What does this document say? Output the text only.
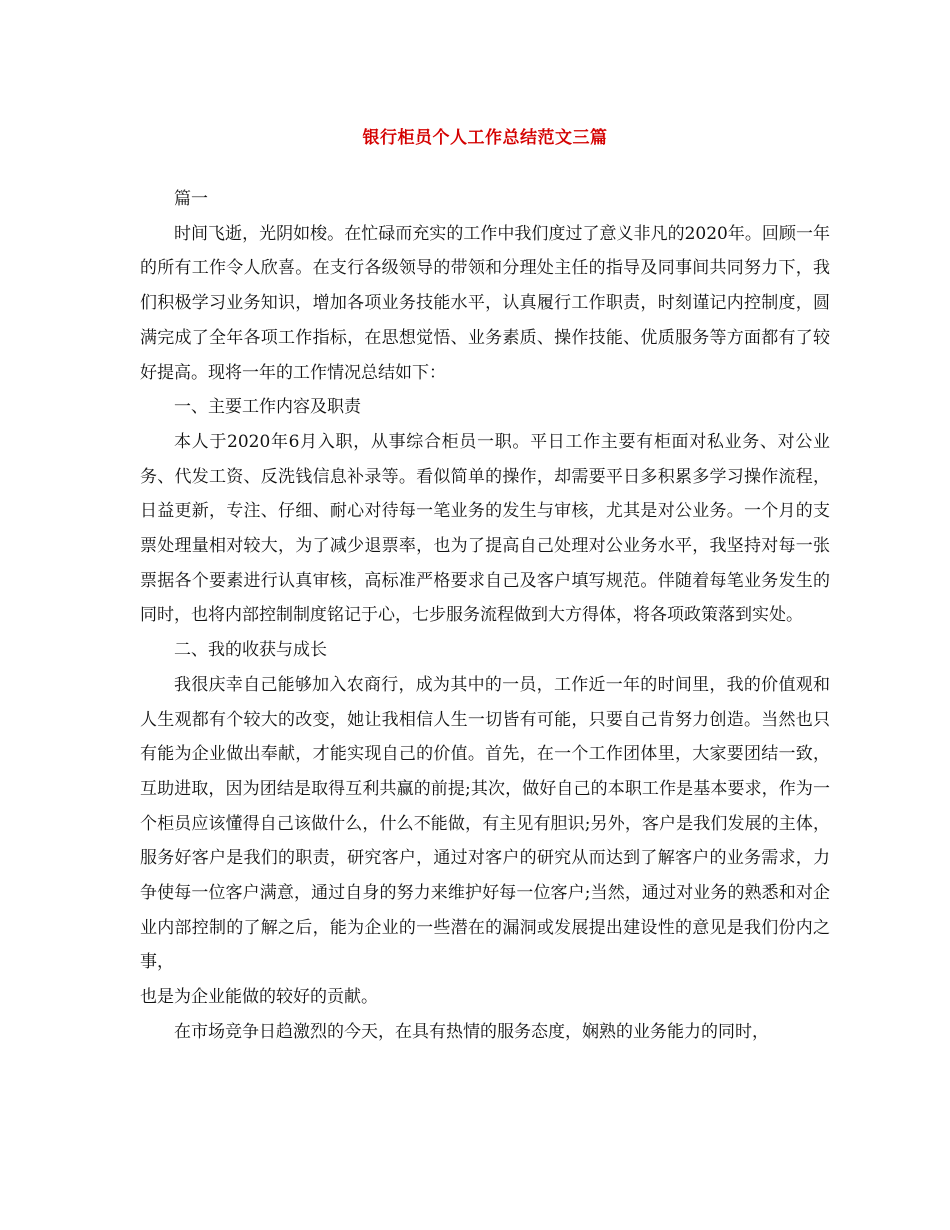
银行柜员个人工作总结范文三篇

篇一

时间飞逝，光阴如梭。在忙碌而充实的工作中我们度过了意义非凡的2020年。回顾一年的所有工作令人欣喜。在支行各级领导的带领和分理处主任的指导及同事间共同努力下，我们积极学习业务知识，增加各项业务技能水平，认真履行工作职责，时刻谨记内控制度，圆满完成了全年各项工作指标，在思想觉悟、业务素质、操作技能、优质服务等方面都有了较好提高。现将一年的工作情况总结如下：

一、主要工作内容及职责

本人于2020年6月入职，从事综合柜员一职。平日工作主要有柜面对私业务、对公业务、代发工资、反洗钱信息补录等。看似简单的操作，却需要平日多积累多学习操作流程，日益更新，专注、仔细、耐心对待每一笔业务的发生与审核，尤其是对公业务。一个月的支票处理量相对较大，为了减少退票率，也为了提高自己处理对公业务水平，我坚持对每一张票据各个要素进行认真审核，高标准严格要求自己及客户填写规范。伴随着每笔业务发生的同时，也将内部控制制度铭记于心，七步服务流程做到大方得体，将各项政策落到实处。

二、我的收获与成长

我很庆幸自己能够加入农商行，成为其中的一员，工作近一年的时间里，我的价值观和人生观都有个较大的改变，她让我相信人生一切皆有可能，只要自己肯努力创造。当然也只有能为企业做出奉献，才能实现自己的价值。首先，在一个工作团体里，大家要团结一致，互助进取，因为团结是取得互利共赢的前提;其次，做好自己的本职工作是基本要求，作为一个柜员应该懂得自己该做什么，什么不能做，有主见有胆识;另外，客户是我们发展的主体，服务好客户是我们的职责，研究客户，通过对客户的研究从而达到了解客户的业务需求，力争使每一位客户满意，通过自身的努力来维护好每一位客户;当然，通过对业务的熟悉和对企业内部控制的了解之后，能为企业的一些潜在的漏洞或发展提出建设性的意见是我们份内之事，
也是为企业能做的较好的贡献。

在市场竞争日趋激烈的今天，在具有热情的服务态度，娴熟的业务能力的同时，
